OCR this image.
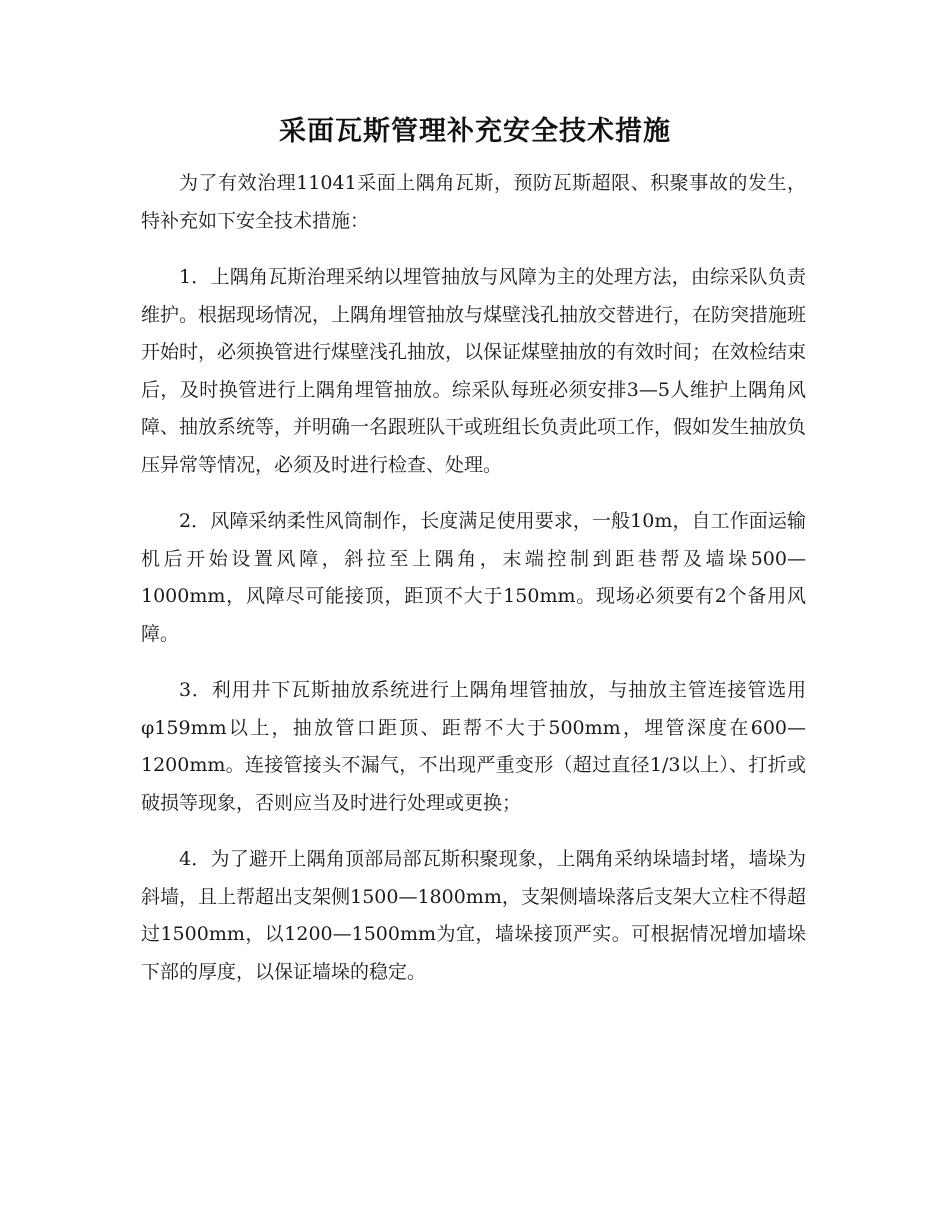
采面瓦斯管理补充安全技术措施

为了有效治理11041采面上隅角瓦斯，预防瓦斯超限、积聚事故的发生，特补充如下安全技术措施：

1．上隅角瓦斯治理采纳以埋管抽放与风障为主的处理方法，由综采队负责维护。根据现场情况，上隅角埋管抽放与煤壁浅孔抽放交替进行，在防突措施班开始时，必须换管进行煤壁浅孔抽放，以保证煤壁抽放的有效时间；在效检结束后，及时换管进行上隅角埋管抽放。综采队每班必须安排3—5人维护上隅角风障、抽放系统等，并明确一名跟班队干或班组长负责此项工作，假如发生抽放负压异常等情况，必须及时进行检查、处理。

2．风障采纳柔性风筒制作，长度满足使用要求，一般10m，自工作面运输机后开始设置风障，斜拉至上隅角，末端控制到距巷帮及墙垛500—1000mm，风障尽可能接顶，距顶不大于150mm。现场必须要有2个备用风障。

3．利用井下瓦斯抽放系统进行上隅角埋管抽放，与抽放主管连接管选用φ159mm以上，抽放管口距顶、距帮不大于500mm，埋管深度在600—1200mm。连接管接头不漏气，不出现严重变形（超过直径1/3以上）、打折或破损等现象，否则应当及时进行处理或更换；

4．为了避开上隅角顶部局部瓦斯积聚现象，上隅角采纳垛墙封堵，墙垛为斜墙，且上帮超出支架侧1500—1800mm，支架侧墙垛落后支架大立柱不得超过1500mm，以1200—1500mm为宜，墙垛接顶严实。可根据情况增加墙垛下部的厚度，以保证墙垛的稳定。
